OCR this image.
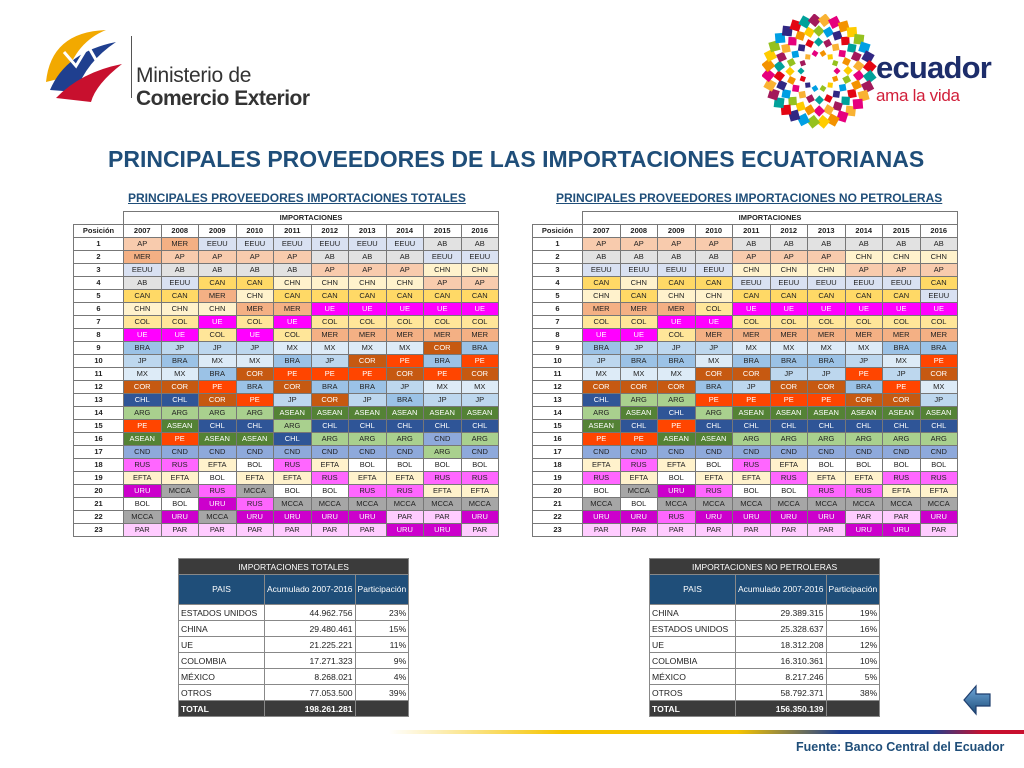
Ministerio de
Comercio Exterior
ecuador
ama la vida
PRINCIPALES PROVEEDORES DE LAS IMPORTACIONES ECUATORIANAS
PRINCIPALES PROVEEDORES IMPORTACIONES TOTALES	PRINCIPALES PROVEEDORES IMPORTACIONES NO PETROLERAS
	IMPORTACIONES									
Posición	2007	2008	2009	2010	2011	2012	2013	2014	2015	2016
1	AP	MER	EEUU	EEUU	EEUU	EEUU	EEUU	EEUU	AB	AB
2	MER	AP	AP	AP	AP	AB	AB	AB	EEUU	EEUU
3	EEUU	AB	AB	AB	AB	AP	AP	AP	CHN	CHN
4	AB	EEUU	CAN	CAN	CHN	CHN	CHN	CHN	AP	AP
5	CAN	CAN	MER	CHN	CAN	CAN	CAN	CAN	CAN	CAN
6	CHN	CHN	CHN	MER	MER	UE	UE	UE	UE	UE
7	COL	COL	UE	COL	UE	COL	COL	COL	COL	COL
8	UE	UE	COL	UE	COL	MER	MER	MER	MER	MER
9	BRA	JP	JP	JP	MX	MX	MX	MX	COR	BRA
10	JP	BRA	MX	MX	BRA	JP	COR	PE	BRA	PE
11	MX	MX	BRA	COR	PE	PE	PE	COR	PE	COR
12	COR	COR	PE	BRA	COR	BRA	BRA	JP	MX	MX
13	CHL	CHL	COR	PE	JP	COR	JP	BRA	JP	JP
14	ARG	ARG	ARG	ARG	ASEAN	ASEAN	ASEAN	ASEAN	ASEAN	ASEAN
15	PE	ASEAN	CHL	CHL	ARG	CHL	CHL	CHL	CHL	CHL
16	ASEAN	PE	ASEAN	ASEAN	CHL	ARG	ARG	ARG	CND	ARG
17	CND	CND	CND	CND	CND	CND	CND	CND	ARG	CND
18	RUS	RUS	EFTA	BOL	RUS	EFTA	BOL	BOL	BOL	BOL
19	EFTA	EFTA	BOL	EFTA	EFTA	RUS	EFTA	EFTA	RUS	RUS
20	URU	MCCA	RUS	MCCA	BOL	BOL	RUS	RUS	EFTA	EFTA
21	BOL	BOL	URU	RUS	MCCA	MCCA	MCCA	MCCA	MCCA	MCCA
22	MCCA	URU	MCCA	URU	URU	URU	URU	PAR	PAR	URU
23	PAR	PAR	PAR	PAR	PAR	PAR	PAR	URU	URU	PAR
	IMPORTACIONES									
Posición	2007	2008	2009	2010	2011	2012	2013	2014	2015	2016
1	AP	AP	AP	AP	AB	AB	AB	AB	AB	AB
2	AB	AB	AB	AB	AP	AP	AP	CHN	CHN	CHN
3	EEUU	EEUU	EEUU	EEUU	CHN	CHN	CHN	AP	AP	AP
4	CAN	CHN	CAN	CAN	EEUU	EEUU	EEUU	EEUU	EEUU	CAN
5	CHN	CAN	CHN	CHN	CAN	CAN	CAN	CAN	CAN	EEUU
6	MER	MER	MER	COL	UE	UE	UE	UE	UE	UE
7	COL	COL	UE	UE	COL	COL	COL	COL	COL	COL
8	UE	UE	COL	MER	MER	MER	MER	MER	MER	MER
9	BRA	JP	JP	JP	MX	MX	MX	MX	BRA	BRA
10	JP	BRA	BRA	MX	BRA	BRA	BRA	JP	MX	PE
11	MX	MX	MX	COR	COR	JP	JP	PE	JP	COR
12	COR	COR	COR	BRA	JP	COR	COR	BRA	PE	MX
13	CHL	ARG	ARG	PE	PE	PE	PE	COR	COR	JP
14	ARG	ASEAN	CHL	ARG	ASEAN	ASEAN	ASEAN	ASEAN	ASEAN	ASEAN
15	ASEAN	CHL	PE	CHL	CHL	CHL	CHL	CHL	CHL	CHL
16	PE	PE	ASEAN	ASEAN	ARG	ARG	ARG	ARG	ARG	ARG
17	CND	CND	CND	CND	CND	CND	CND	CND	CND	CND
18	EFTA	RUS	EFTA	BOL	RUS	EFTA	BOL	BOL	BOL	BOL
19	RUS	EFTA	BOL	EFTA	EFTA	RUS	EFTA	EFTA	RUS	RUS
20	BOL	MCCA	URU	RUS	BOL	BOL	RUS	RUS	EFTA	EFTA
21	MCCA	BOL	MCCA	MCCA	MCCA	MCCA	MCCA	MCCA	MCCA	MCCA
22	URU	URU	RUS	URU	URU	URU	URU	PAR	PAR	URU
23	PAR	PAR	PAR	PAR	PAR	PAR	PAR	URU	URU	PAR
IMPORTACIONES TOTALES		
PAIS	Acumulado 2007-2016	Participación
ESTADOS UNIDOS	44.962.756	23%
CHINA	29.480.461	15%
UE	21.225.221	11%
COLOMBIA	17.271.323	9%
MÉXICO	8.268.021	4%
OTROS	77.053.500	39%
TOTAL	198.261.281	
IMPORTACIONES NO PETROLERAS		
PAIS	Acumulado 2007-2016	Participación
CHINA	29.389.315	19%
ESTADOS UNIDOS	25.328.637	16%
UE	18.312.208	12%
COLOMBIA	16.310.361	10%
MÉXICO	8.217.246	5%
OTROS	58.792.371	38%
TOTAL	156.350.139	
Fuente: Banco Central del Ecuador
